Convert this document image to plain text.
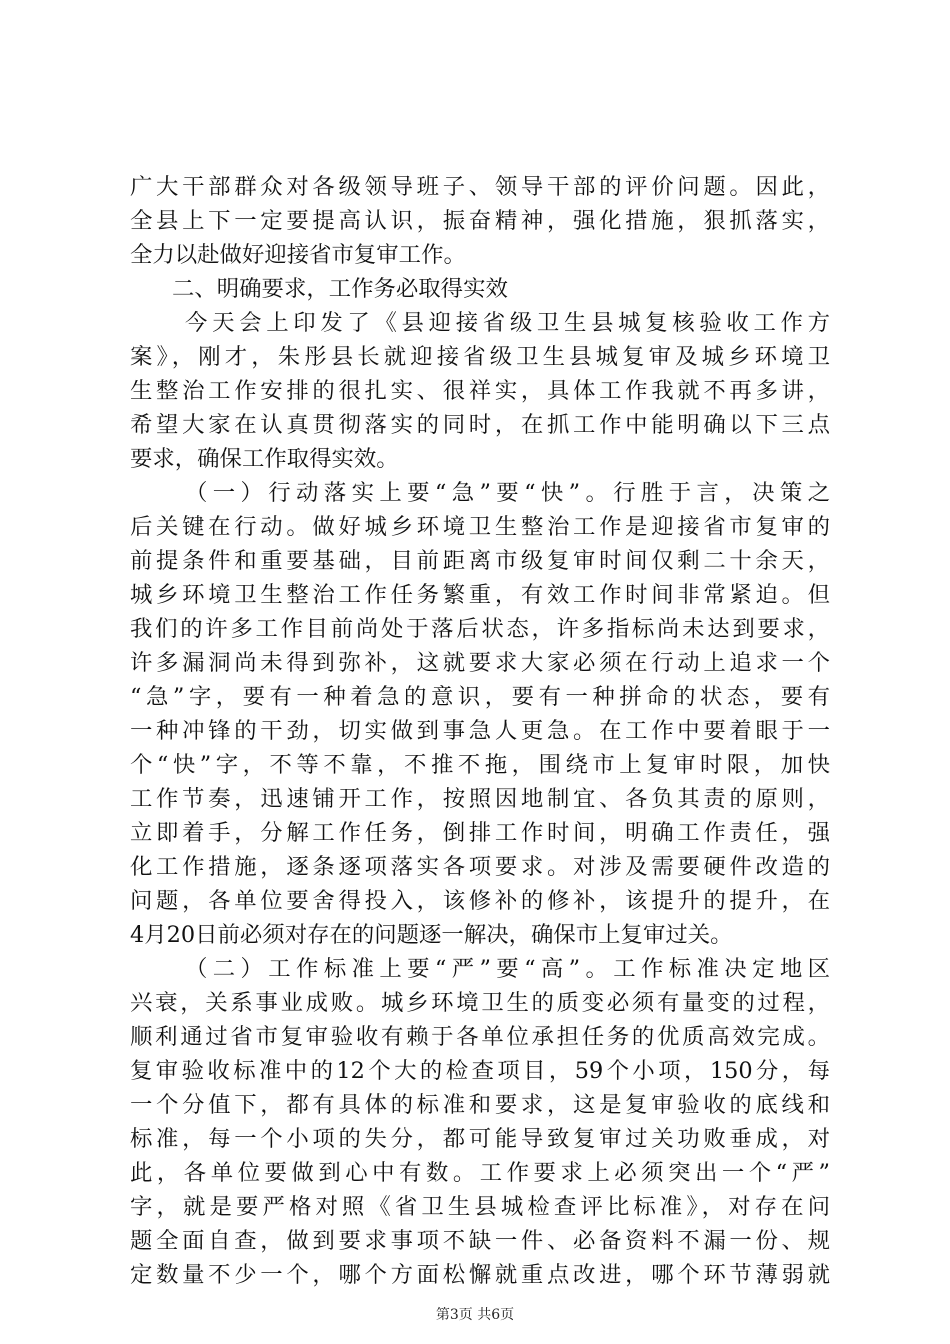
广大干部群众对各级领导班子、领导干部的评价问题。因此，
全县上下一定要提高认识，振奋精神，强化措施，狠抓落实，
全力以赴做好迎接省市复审工作。
二、明确要求，工作务必取得实效
今天会上印发了《县迎接省级卫生县城复核验收工作方
案》，刚才，朱彤县长就迎接省级卫生县城复审及城乡环境卫
生整治工作安排的很扎实、很祥实，具体工作我就不再多讲，
希望大家在认真贯彻落实的同时，在抓工作中能明确以下三点
要求，确保工作取得实效。
（一）行动落实上要“急”要“快”。行胜于言，决策之
后关键在行动。做好城乡环境卫生整治工作是迎接省市复审的
前提条件和重要基础，目前距离市级复审时间仅剩二十余天，
城乡环境卫生整治工作任务繁重，有效工作时间非常紧迫。但
我们的许多工作目前尚处于落后状态，许多指标尚未达到要求，
许多漏洞尚未得到弥补，这就要求大家必须在行动上追求一个
“急”字，要有一种着急的意识，要有一种拼命的状态，要有
一种冲锋的干劲，切实做到事急人更急。在工作中要着眼于一
个“快”字，不等不靠，不推不拖，围绕市上复审时限，加快
工作节奏，迅速铺开工作，按照因地制宜、各负其责的原则，
立即着手，分解工作任务，倒排工作时间，明确工作责任，强
化工作措施，逐条逐项落实各项要求。对涉及需要硬件改造的
问题，各单位要舍得投入，该修补的修补，该提升的提升，在
4月20日前必须对存在的问题逐一解决，确保市上复审过关。
（二）工作标准上要“严”要“高”。工作标准决定地区
兴衰，关系事业成败。城乡环境卫生的质变必须有量变的过程，
顺利通过省市复审验收有赖于各单位承担任务的优质高效完成。
复审验收标准中的12个大的检查项目，59个小项，150分，每
一个分值下，都有具体的标准和要求，这是复审验收的底线和
标准，每一个小项的失分，都可能导致复审过关功败垂成，对
此，各单位要做到心中有数。工作要求上必须突出一个“严”
字，就是要严格对照《省卫生县城检查评比标准》，对存在问
题全面自查，做到要求事项不缺一件、必备资料不漏一份、规
定数量不少一个，哪个方面松懈就重点改进，哪个环节薄弱就
第3页 共6页
